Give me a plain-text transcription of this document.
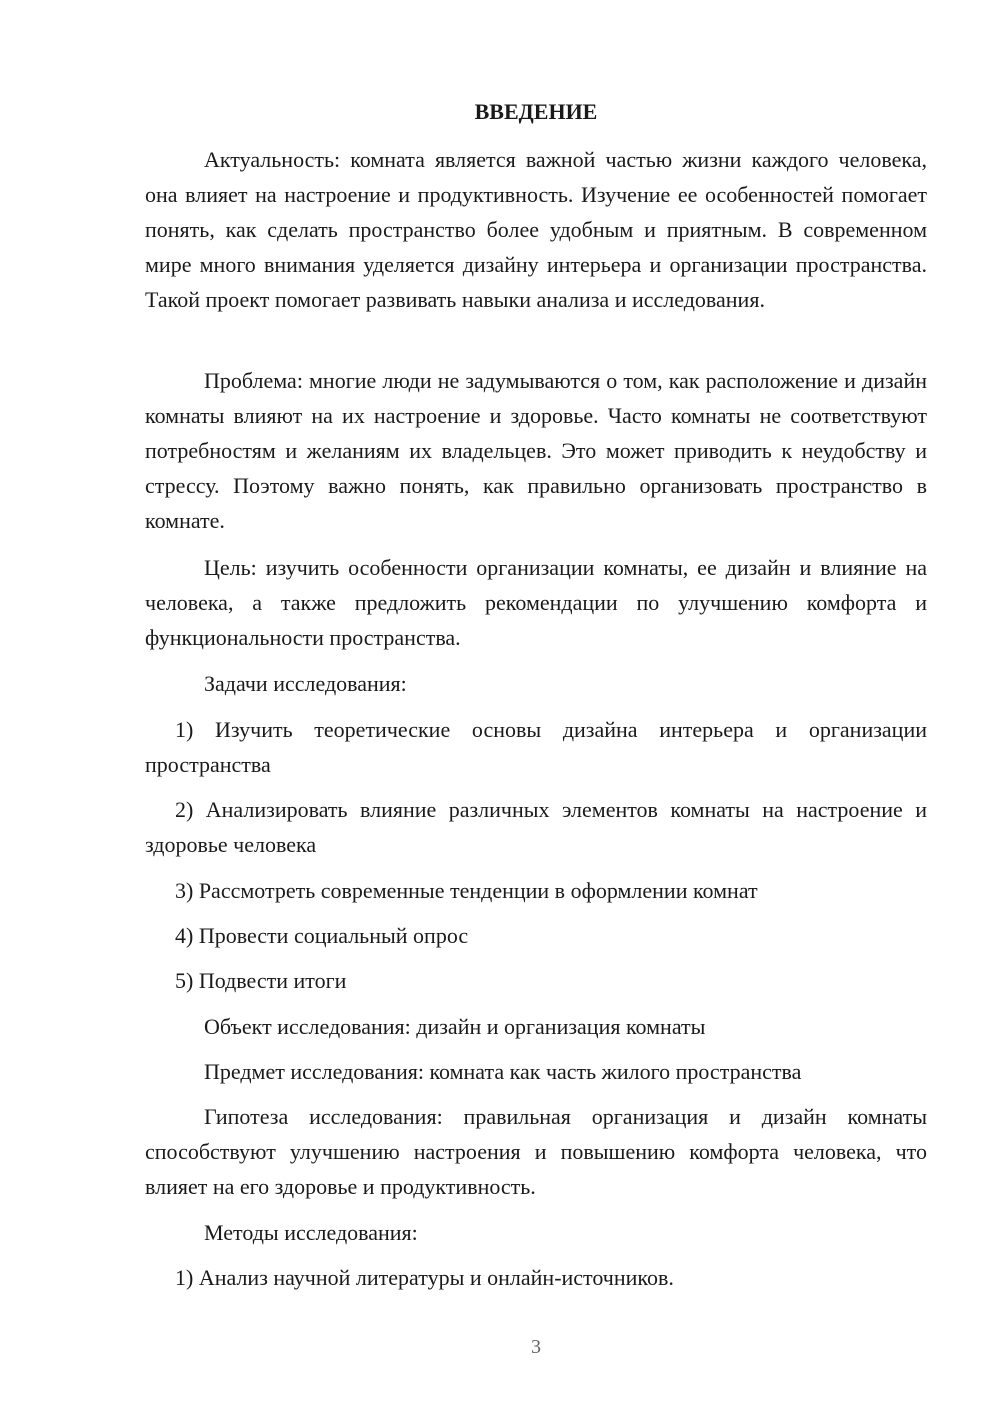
ВВЕДЕНИЕ

Актуальность: комната является важной частью жизни каждого человека, она влияет на настроение и продуктивность. Изучение ее особенностей помогает понять, как сделать пространство более удобным и приятным. В современном мире много внимания уделяется дизайну интерьера и организации пространства. Такой проект помогает развивать навыки анализа и исследования.

Проблема: многие люди не задумываются о том, как расположение и дизайн комнаты влияют на их настроение и здоровье. Часто комнаты не соответствуют потребностям и желаниям их владельцев. Это может приводить к неудобству и стрессу. Поэтому важно понять, как правильно организовать пространство в комнате.

Цель: изучить особенности организации комнаты, ее дизайн и влияние на человека, а также предложить рекомендации по улучшению комфорта и функциональности пространства.

Задачи исследования:

1) Изучить теоретические основы дизайна интерьера и организации пространства

2) Анализировать влияние различных элементов комнаты на настроение и здоровье человека

3) Рассмотреть современные тенденции в оформлении комнат

4) Провести социальный опрос

5) Подвести итоги

Объект исследования: дизайн и организация комнаты

Предмет исследования: комната как часть жилого пространства

Гипотеза исследования: правильная организация и дизайн комнаты способствуют улучшению настроения и повышению комфорта человека, что влияет на его здоровье и продуктивность.

Методы исследования:

1) Анализ научной литературы и онлайн-источников.

3
